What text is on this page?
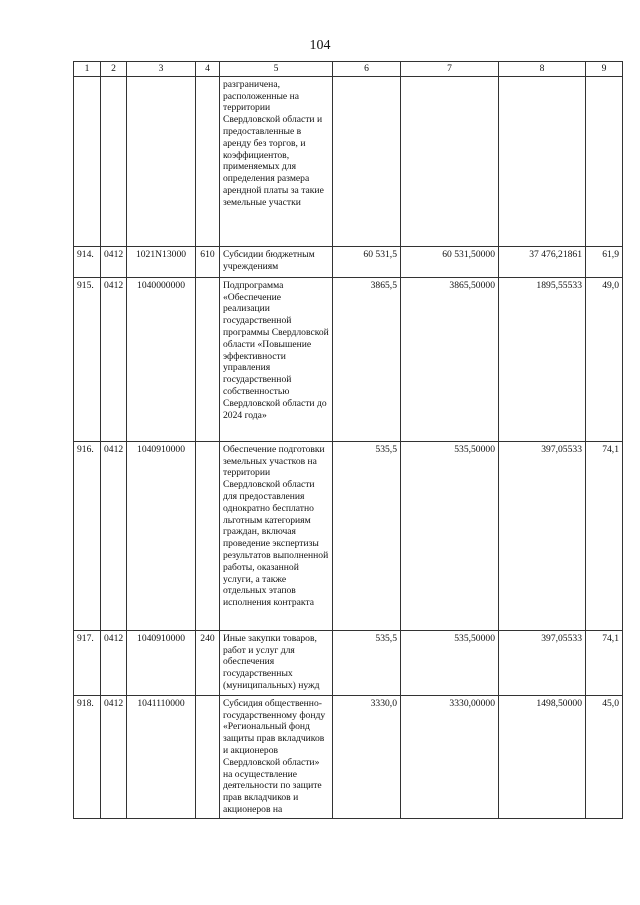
104
1	2	3	4	5	6	7	8	9
				разграничена, расположенные на территории Свердловской области и предоставленные в аренду без торгов, и коэффициентов, применяемых для определения размера арендной платы за такие земельные участки				
914.	0412	1021N13000	610	Субсидии бюджетным учреждениям	60 531,5	60 531,50000	37 476,21861	61,9
915.	0412	1040000000		Подпрограмма «Обеспечение реализации государственной программы Свердловской области «Повышение эффективности управления государственной собственностью Свердловской области до 2024 года»	3865,5	3865,50000	1895,55533	49,0
916.	0412	1040910000		Обеспечение подготовки земельных участков на территории Свердловской области для предоставления однократно бесплатно льготным категориям граждан, включая проведение экспертизы результатов выполненной работы, оказанной услуги, а также отдельных этапов исполнения контракта	535,5	535,50000	397,05533	74,1
917.	0412	1040910000	240	Иные закупки товаров, работ и услуг для обеспечения государственных (муниципальных) нужд	535,5	535,50000	397,05533	74,1
918.	0412	1041110000		Субсидия общественно-государственному фонду «Региональный фонд защиты прав вкладчиков и акционеров Свердловской области» на осуществление деятельности по защите прав вкладчиков и акционеров на	3330,0	3330,00000	1498,50000	45,0
